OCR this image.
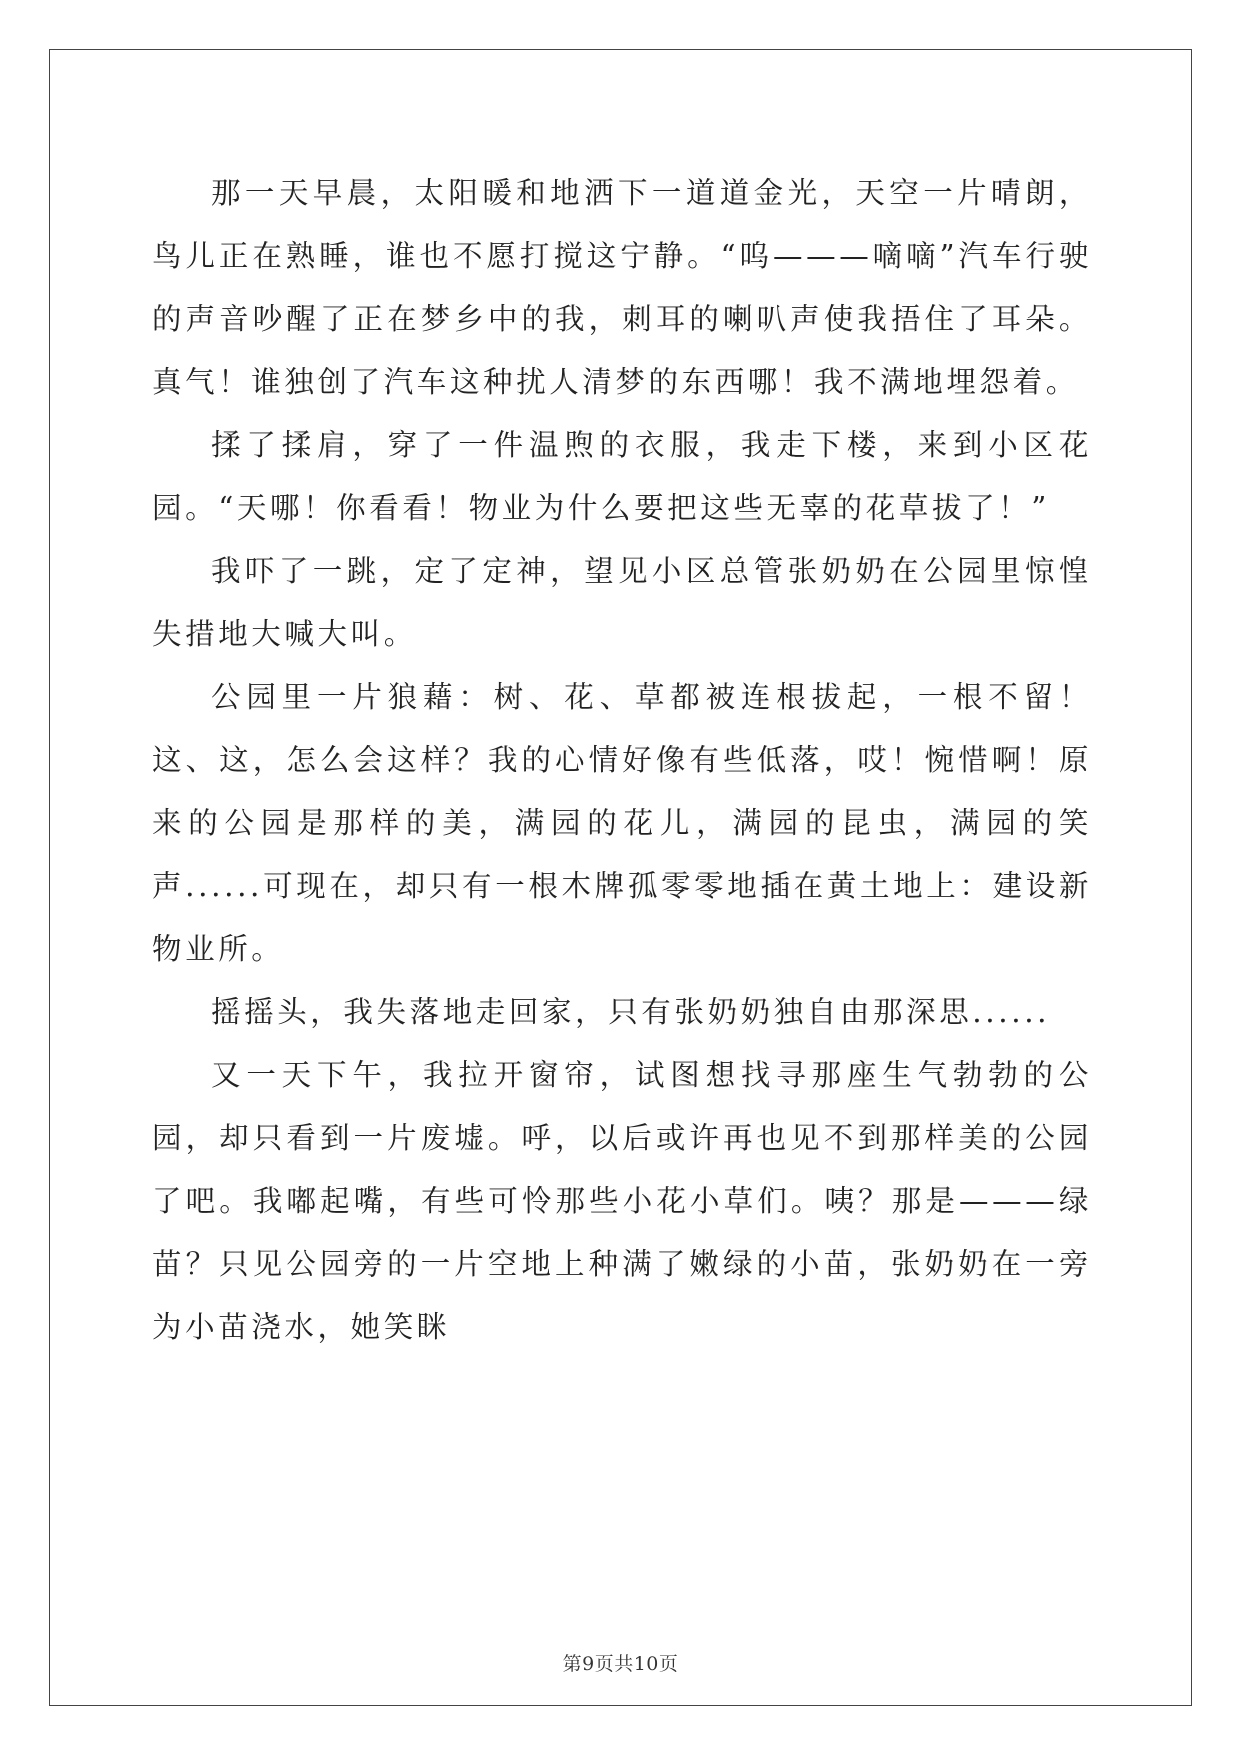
那一天早晨，太阳暖和地洒下一道道金光，天空一片晴朗，鸟儿正在熟睡，谁也不愿打搅这宁静。“呜———嘀嘀”汽车行驶的声音吵醒了正在梦乡中的我，刺耳的喇叭声使我捂住了耳朵。真气！谁独创了汽车这种扰人清梦的东西哪！我不满地埋怨着。

揉了揉肩，穿了一件温煦的衣服，我走下楼，来到小区花园。“天哪！你看看！物业为什么要把这些无辜的花草拔了！”

我吓了一跳，定了定神，望见小区总管张奶奶在公园里惊惶失措地大喊大叫。

公园里一片狼藉：树、花、草都被连根拔起，一根不留！这、这，怎么会这样？我的心情好像有些低落，哎！惋惜啊！原来的公园是那样的美，满园的花儿，满园的昆虫，满园的笑声......可现在，却只有一根木牌孤零零地插在黄土地上：建设新物业所。

摇摇头，我失落地走回家，只有张奶奶独自由那深思......

又一天下午，我拉开窗帘，试图想找寻那座生气勃勃的公园，却只看到一片废墟。呼，以后或许再也见不到那样美的公园了吧。我嘟起嘴，有些可怜那些小花小草们。咦？那是———绿苗？只见公园旁的一片空地上种满了嫩绿的小苗，张奶奶在一旁为小苗浇水，她笑眯

第9页共10页
